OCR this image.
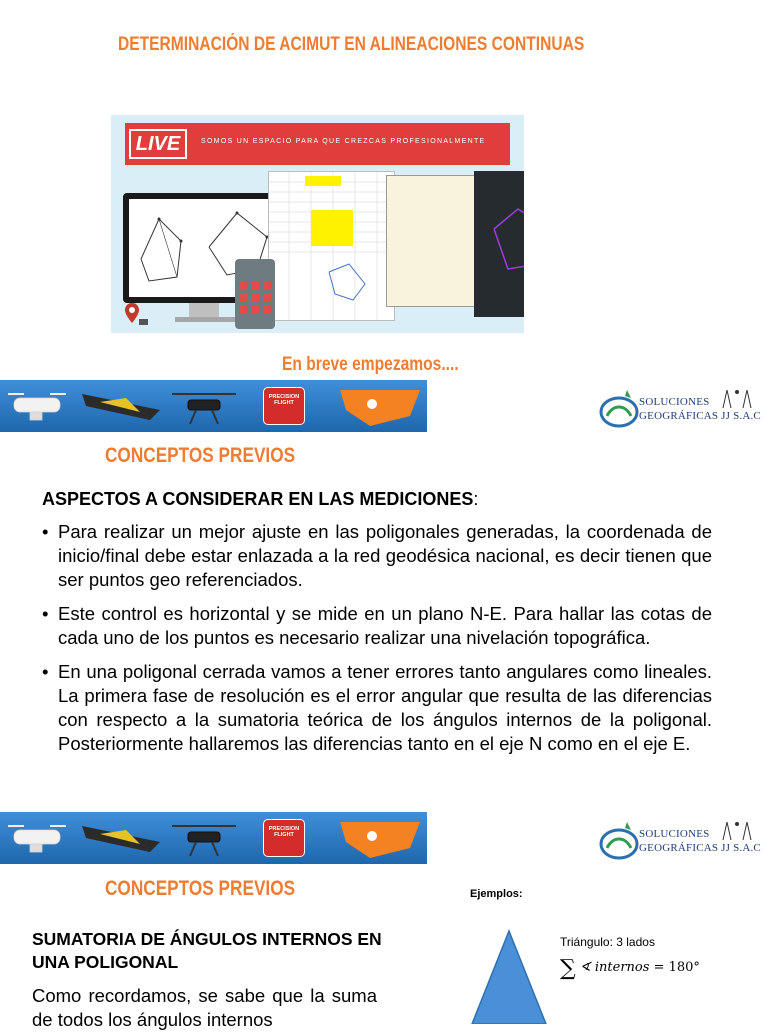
DETERMINACIÓN DE ACIMUT EN ALINEACIONES CONTINUAS
LIVE	SOMOS UN ESPACIO PARA QUE CREZCAS PROFESIONALMENTE
En breve empezamos....
PRECISION FLIGHT	SOLUCIONES
GEOGRÁFICAS JJ S.A.C
CONCEPTOS PREVIOS
ASPECTOS A CONSIDERAR EN LAS MEDICIONES:
• Para realizar un mejor ajuste en las poligonales generadas, la coordenada de inicio/final debe estar enlazada a la red geodésica nacional, es decir tienen que ser puntos geo referenciados.
• Este control es horizontal y se mide en un plano N-E. Para hallar las cotas de cada uno de los puntos es necesario realizar una nivelación topográfica.
• En una poligonal cerrada vamos a tener errores tanto angulares como lineales. La primera fase de resolución es el error angular que resulta de las diferencias con respecto a la sumatoria teórica de los ángulos internos de la poligonal. Posteriormente hallaremos las diferencias tanto en el eje N como en el eje E.
PRECISION FLIGHT	SOLUCIONES
GEOGRÁFICAS JJ S.A.C
CONCEPTOS PREVIOS	Ejemplos:
SUMATORIA DE ÁNGULOS INTERNOS EN UNA POLIGONAL
Como recordamos, se sabe que la suma de todos los ángulos internos
Triángulo: 3 lados
∑ ∢ internos = 180°
